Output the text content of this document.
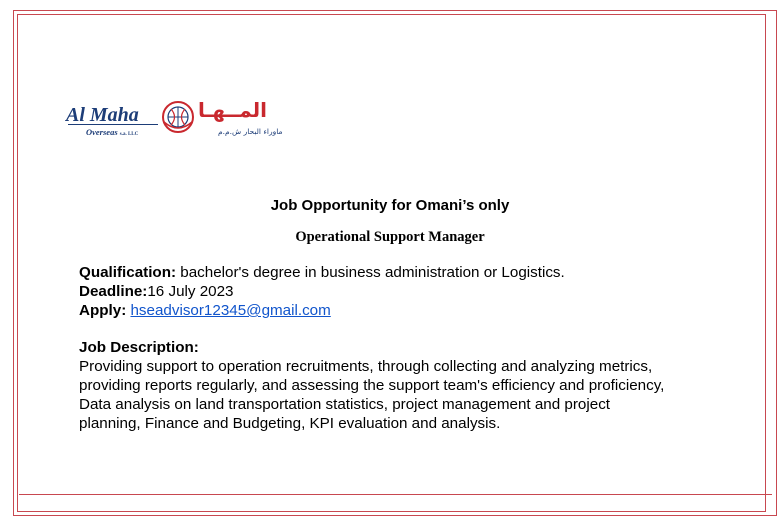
Al Maha
Overseas s.a. LLC
المــهـا
ماوراء البحار ش.م.م
Job Opportunity for Omani’s only
Operational Support Manager
Qualification: bachelor's degree in business administration or Logistics.
Deadline:16 July 2023
Apply: hseadvisor12345@gmail.com
Job Description:
Providing support to operation recruitments, through collecting and analyzing metrics,
providing reports regularly, and assessing the support team's efficiency and proficiency,
Data analysis on land transportation statistics, project management and project
planning, Finance and Budgeting, KPI evaluation and analysis.
